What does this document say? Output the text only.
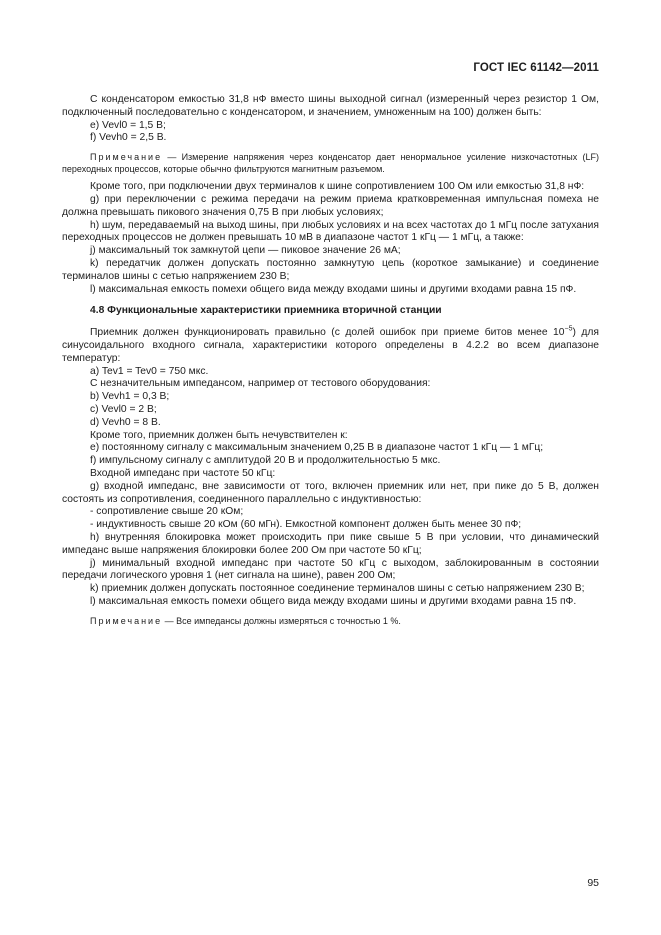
ГОСТ IEC 61142—2011

С конденсатором емкостью 31,8 нФ вместо шины выходной сигнал (измеренный через резистор 1 Ом, подключенный последовательно с конденсатором, и значением, умноженным на 100) должен быть:

е) Vevl0 = 1,5 В;

f) Vevh0 = 2,5 В.

Примечание — Измерение напряжения через конденсатор дает ненормальное усиление низкочастотных (LF) переходных процессов, которые обычно фильтруются магнитным разъемом.

Кроме того, при подключении двух терминалов к шине сопротивлением 100 Ом или емкостью 31,8 нФ:

g) при переключении с режима передачи на режим приема кратковременная импульсная помеха не должна превышать пикового значения 0,75 В при любых условиях;

h) шум, передаваемый на выход шины, при любых условиях и на всех частотах до 1 мГц после затухания переходных процессов не должен превышать 10 мВ в диапазоне частот 1 кГц — 1 мГц, а также:

j) максимальный ток замкнутой цепи — пиковое значение 26 мА;

k) передатчик должен допускать постоянно замкнутую цепь (короткое замыкание) и соединение терминалов шины с сетью напряжением 230 В;

l) максимальная емкость помехи общего вида между входами шины и другими входами равна 15 пФ.

4.8 Функциональные характеристики приемника вторичной станции

Приемник должен функционировать правильно (с долей ошибок при приеме битов менее $10^{-5}$) для синусоидального входного сигнала, характеристики которого определены в 4.2.2 во всем диапазоне температур:

a) Tev1 = Tev0 = 750 мкс.

С незначительным импедансом, например от тестового оборудования:

b) Vevh1 = 0,3 В;

c) Vevl0 = 2 В;

d) Vevh0 = 8 В.

Кроме того, приемник должен быть нечувствителен к:

е) постоянному сигналу с максимальным значением 0,25 В в диапазоне частот 1 кГц — 1 мГц;

f) импульсному сигналу с амплитудой 20 В и продолжительностью 5 мкс.

Входной импеданс при частоте 50 кГц:

g) входной импеданс, вне зависимости от того, включен приемник или нет, при пике до 5 В, должен состоять из сопротивления, соединенного параллельно с индуктивностью:

- сопротивление свыше 20 кОм;

- индуктивность свыше 20 кОм (60 мГн). Емкостной компонент должен быть менее 30 пФ;

h) внутренняя блокировка может происходить при пике свыше 5 В при условии, что динамический импеданс выше напряжения блокировки более 200 Ом при частоте 50 кГц;

j) минимальный входной импеданс при частоте 50 кГц с выходом, заблокированным в состоянии передачи логического уровня 1 (нет сигнала на шине), равен 200 Ом;

k) приемник должен допускать постоянное соединение терминалов шины с сетью напряжением 230 В;

l) максимальная емкость помехи общего вида между входами шины и другими входами равна 15 пФ.

Примечание — Все импедансы должны измеряться с точностью 1 %.

95
